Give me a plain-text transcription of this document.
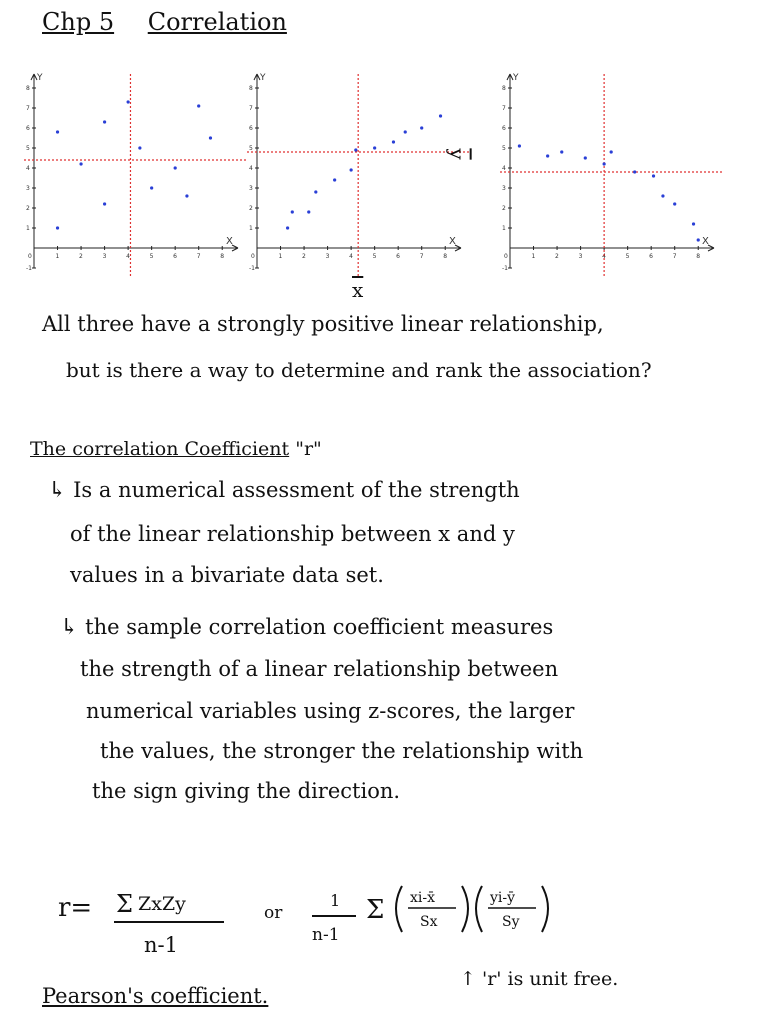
Chp 5 Correlation
X
Y
1	2	3	4	5	6	7	8
0
-1
1
2
3
4
5
6
7
8
X
Y
1	2	3	4	5	6	7	8
0
-1
1
2
3
4
5
6
7
8
X
Y
1	2	3	4	5	6	7	8
0
-1
1
2
3
4
5
6
7
8
$\overline{y}$
$\overline{x}$
All three have a strongly positive linear relationship,
but is there a way to determine and rank the association?
The correlation Coefficient "r"
↳ Is a numerical assessment of the strength
of the linear relationship between x and y
values in a bivariate data set.
↳ the sample correlation coefficient measures
the strength of a linear relationship between
numerical variables using z-scores, the larger
the values, the stronger the relationship with
the sign giving the direction.
r= Σ ZxZy
n-1
or
1
n-1
Σ xi-x̄
Sx
yi-ȳ
Sy
↑ 'r' is unit free.
Pearson's coefficient.
